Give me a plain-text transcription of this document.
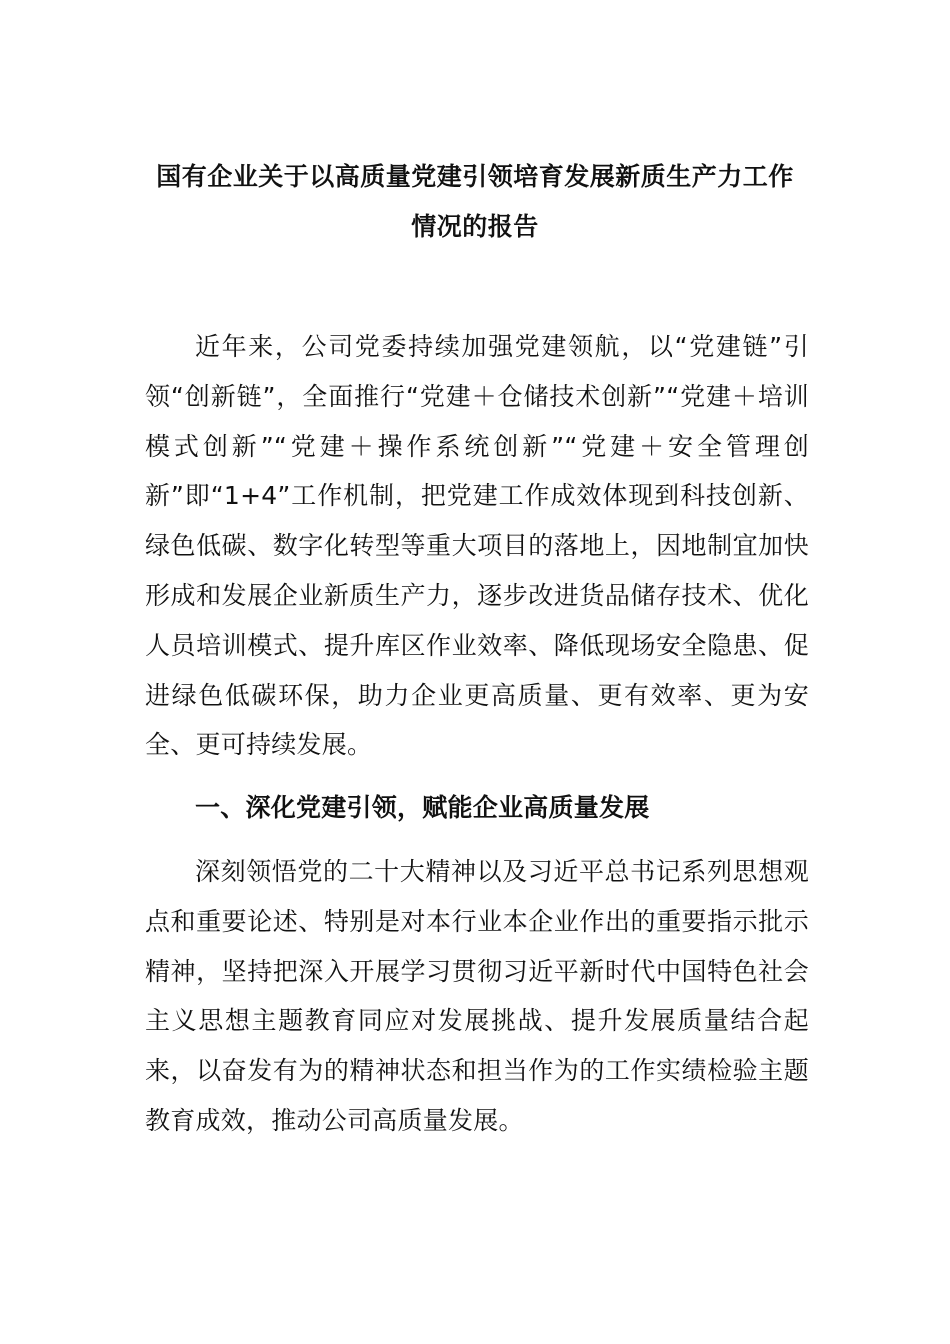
国有企业关于以高质量党建引领培育发展新质生产力工作情况的报告

近年来，公司党委持续加强党建领航，以“党建链”引领“创新链”，全面推行“党建＋仓储技术创新”“党建＋培训模式创新”“党建＋操作系统创新”“党建＋安全管理创新”即“1+4”工作机制，把党建工作成效体现到科技创新、绿色低碳、数字化转型等重大项目的落地上，因地制宜加快形成和发展企业新质生产力，逐步改进货品储存技术、优化人员培训模式、提升库区作业效率、降低现场安全隐患、促进绿色低碳环保，助力企业更高质量、更有效率、更为安全、更可持续发展。

一、深化党建引领，赋能企业高质量发展

深刻领悟党的二十大精神以及习近平总书记系列思想观点和重要论述、特别是对本行业本企业作出的重要指示批示精神，坚持把深入开展学习贯彻习近平新时代中国特色社会主义思想主题教育同应对发展挑战、提升发展质量结合起来，以奋发有为的精神状态和担当作为的工作实绩检验主题教育成效，推动公司高质量发展。
